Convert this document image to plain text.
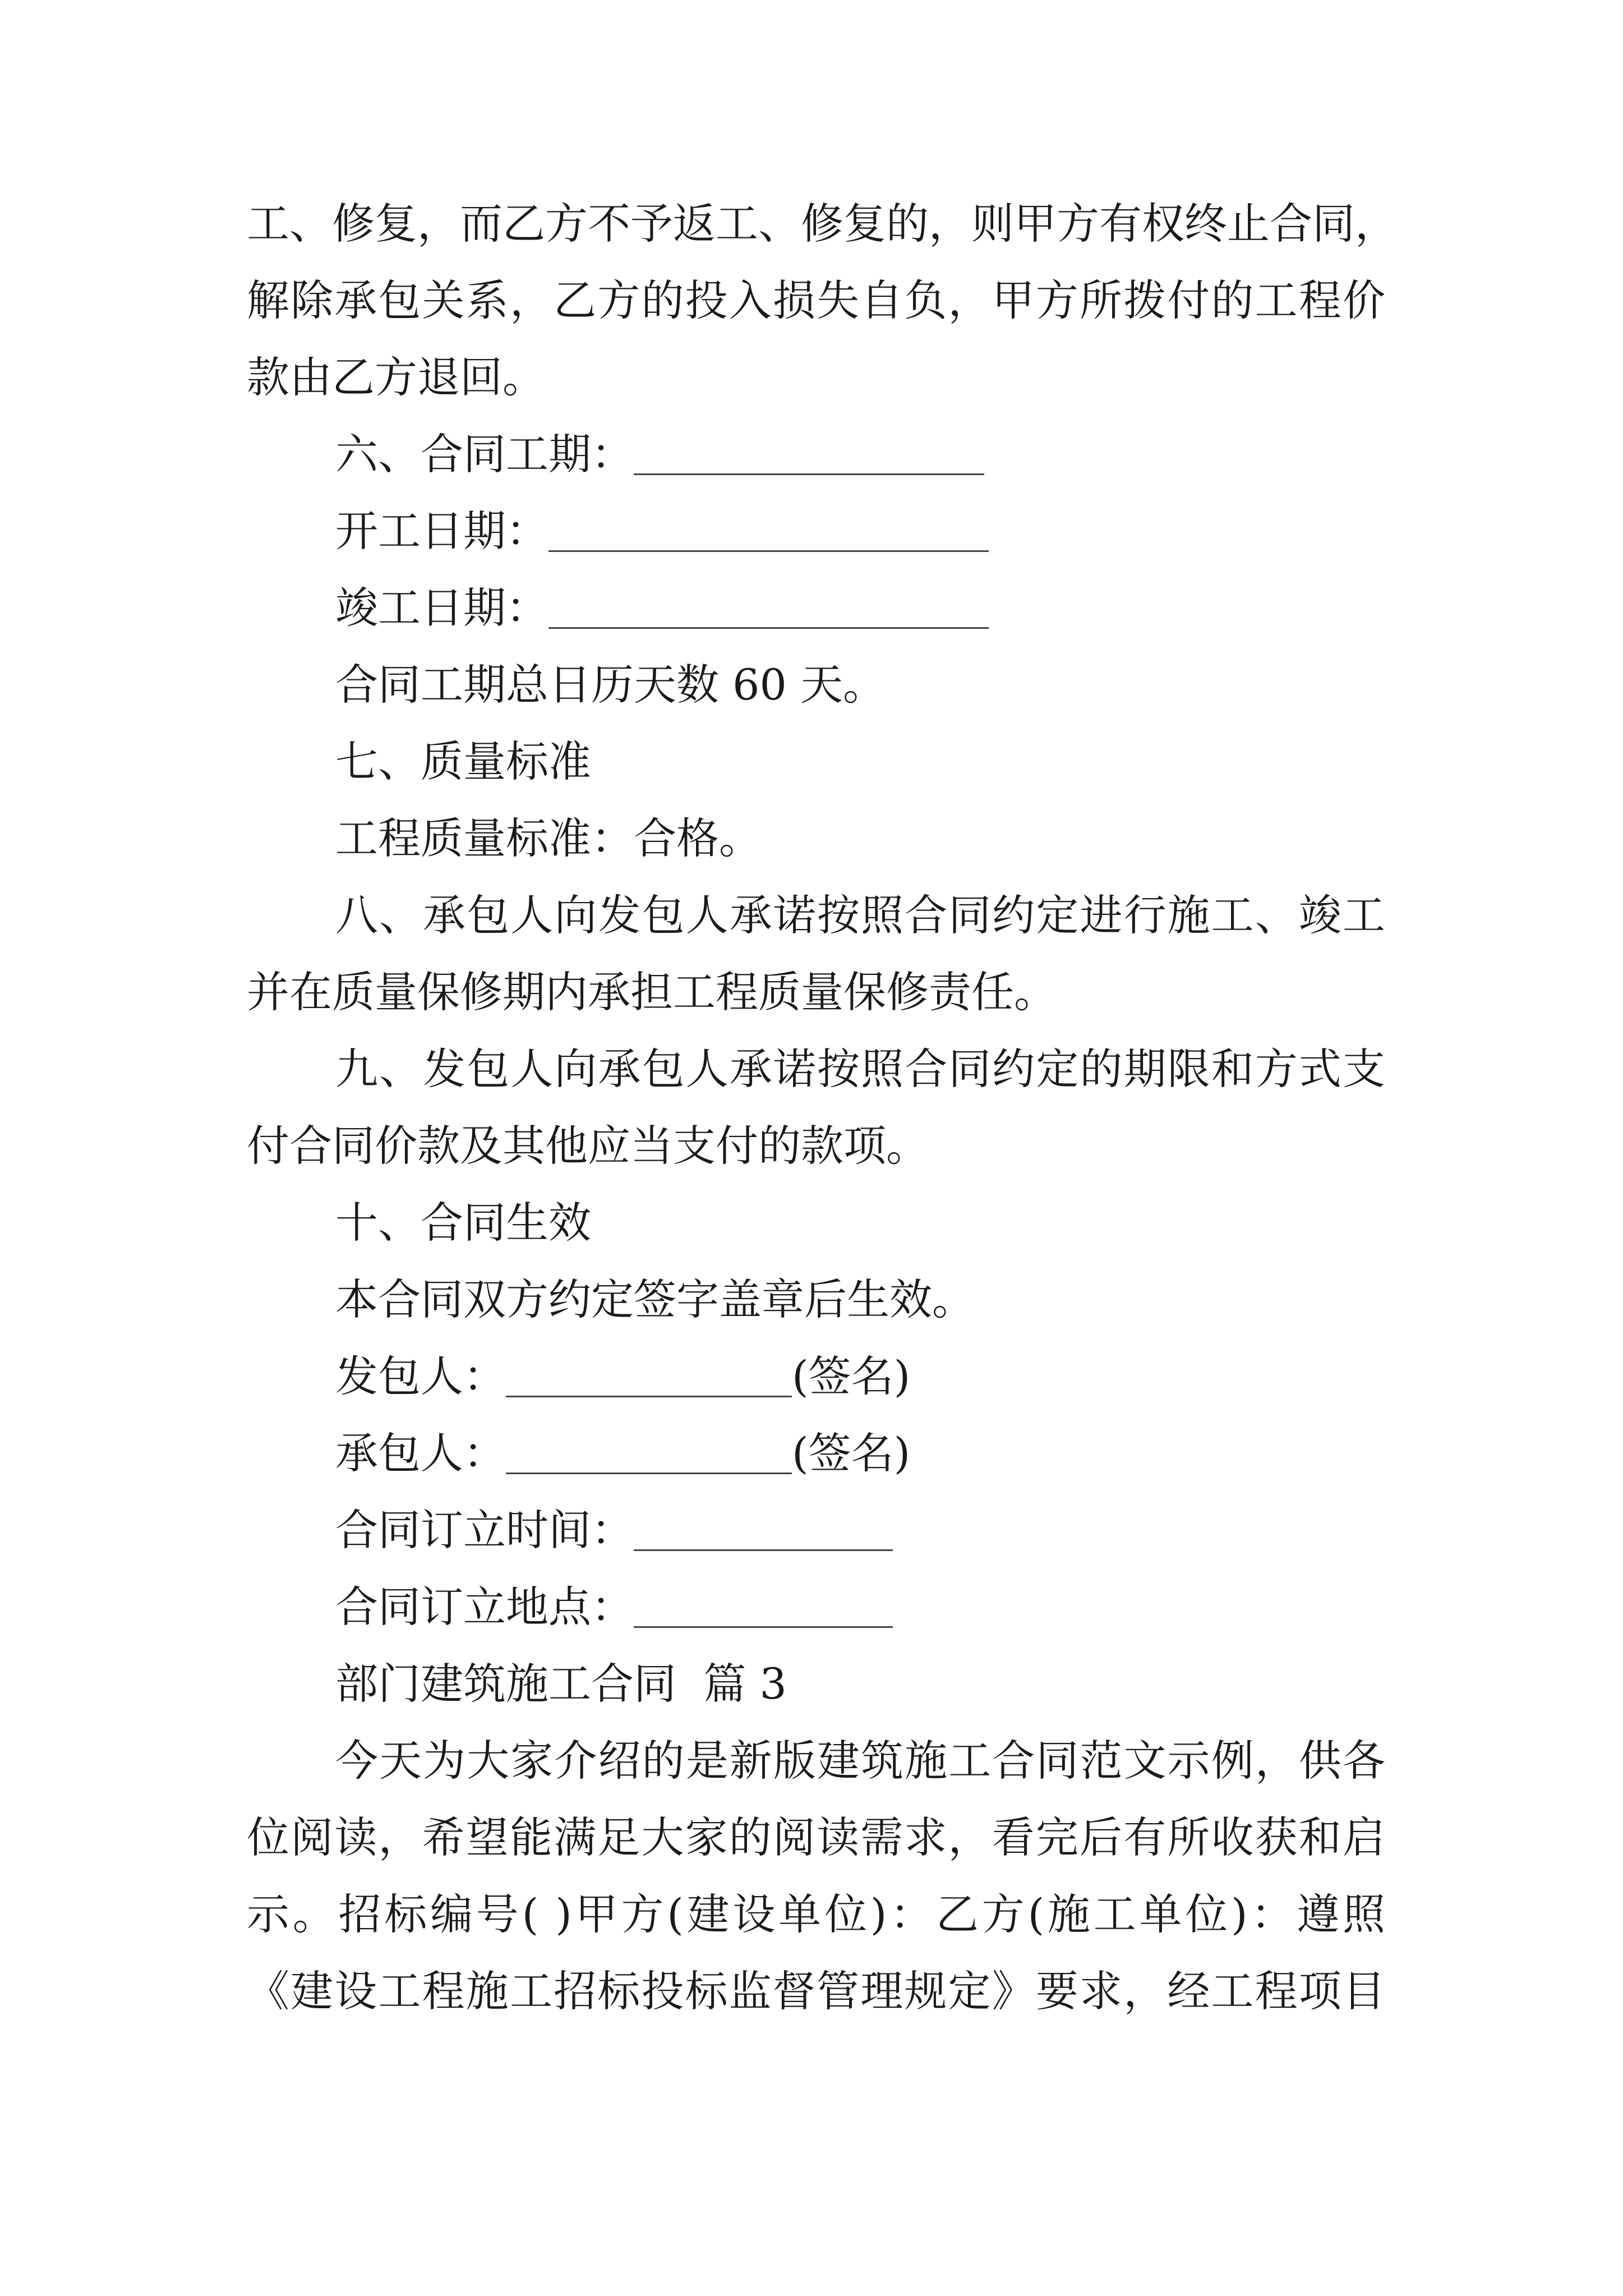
工、修复，而乙方不予返工、修复的，则甲方有权终止合同，
解除承包关系，乙方的投入损失自负，甲方所拨付的工程价
款由乙方退回。
六、合同工期：
开工日期：
竣工日期：
合同工期总日历天数 60 天。
七、质量标准
工程质量标准：合格。
八、承包人向发包人承诺按照合同约定进行施工、竣工
并在质量保修期内承担工程质量保修责任。
九、发包人向承包人承诺按照合同约定的期限和方式支
付合同价款及其他应当支付的款项。
十、合同生效
本合同双方约定签字盖章后生效。
发包人：	(签名)
承包人：	(签名)
合同订立时间：
合同订立地点：
部门建筑施工合同  篇 3
今天为大家介绍的是新版建筑施工合同范文示例，供各
位阅读，希望能满足大家的阅读需求，看完后有所收获和启
示。招标编号( )甲方(建设单位)：乙方(施工单位)：遵照
《建设工程施工招标投标监督管理规定》要求，经工程项目
